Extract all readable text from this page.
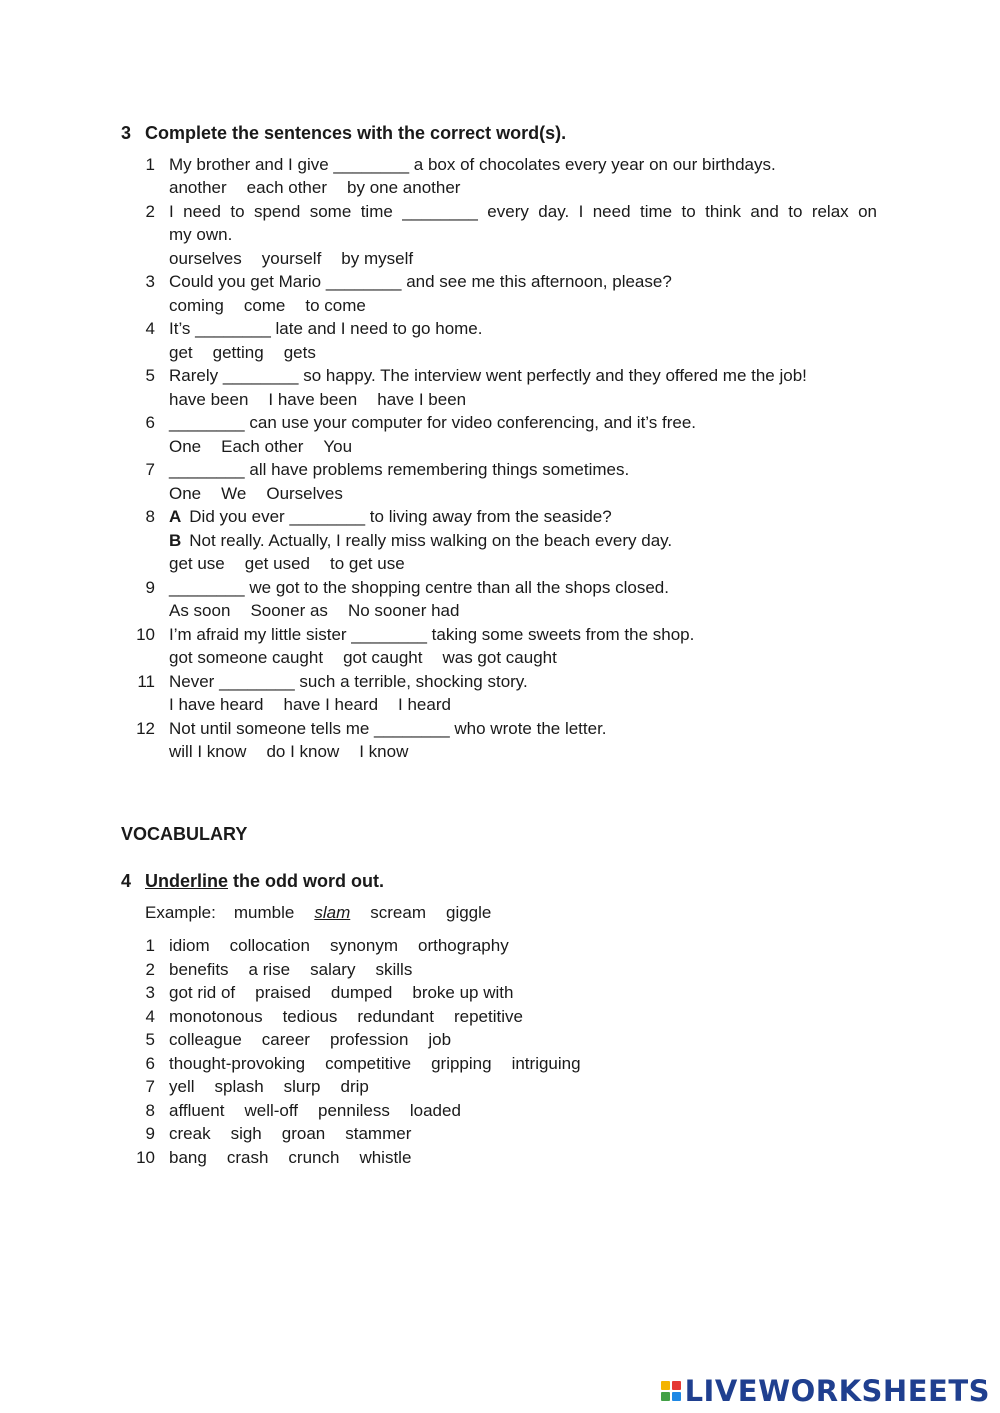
3 Complete the sentences with the correct word(s).
1 My brother and I give ________ a box of chocolates every year on our birthdays.
another each other by one another
2 I need to spend some time ________ every day. I need time to think and to relax on
my own.
ourselves yourself by myself
3 Could you get Mario ________ and see me this afternoon, please?
coming come to come
4 It’s ________ late and I need to go home.
get getting gets
5 Rarely ________ so happy. The interview went perfectly and they offered me the job!
have been I have been have I been
6 ________ can use your computer for video conferencing, and it’s free.
One Each other You
7 ________ all have problems remembering things sometimes.
One We Ourselves
8 A Did you ever ________ to living away from the seaside?
B Not really. Actually, I really miss walking on the beach every day.
get use get used to get use
9 ________ we got to the shopping centre than all the shops closed.
As soon Sooner as No sooner had
10 I’m afraid my little sister ________ taking some sweets from the shop.
got someone caught got caught was got caught
11 Never ________ such a terrible, shocking story.
I have heard have I heard I heard
12 Not until someone tells me ________ who wrote the letter.
will I know do I know I know
VOCABULARY
4 Underline the odd word out.
Example: mumble slam scream giggle
1 idiom collocation synonym orthography
2 benefits a rise salary skills
3 got rid of praised dumped broke up with
4 monotonous tedious redundant repetitive
5 colleague career profession job
6 thought-provoking competitive gripping intriguing
7 yell splash slurp drip
8 affluent well-off penniless loaded
9 creak sigh groan stammer
10 bang crash crunch whistle
LIVEWORKSHEETS
